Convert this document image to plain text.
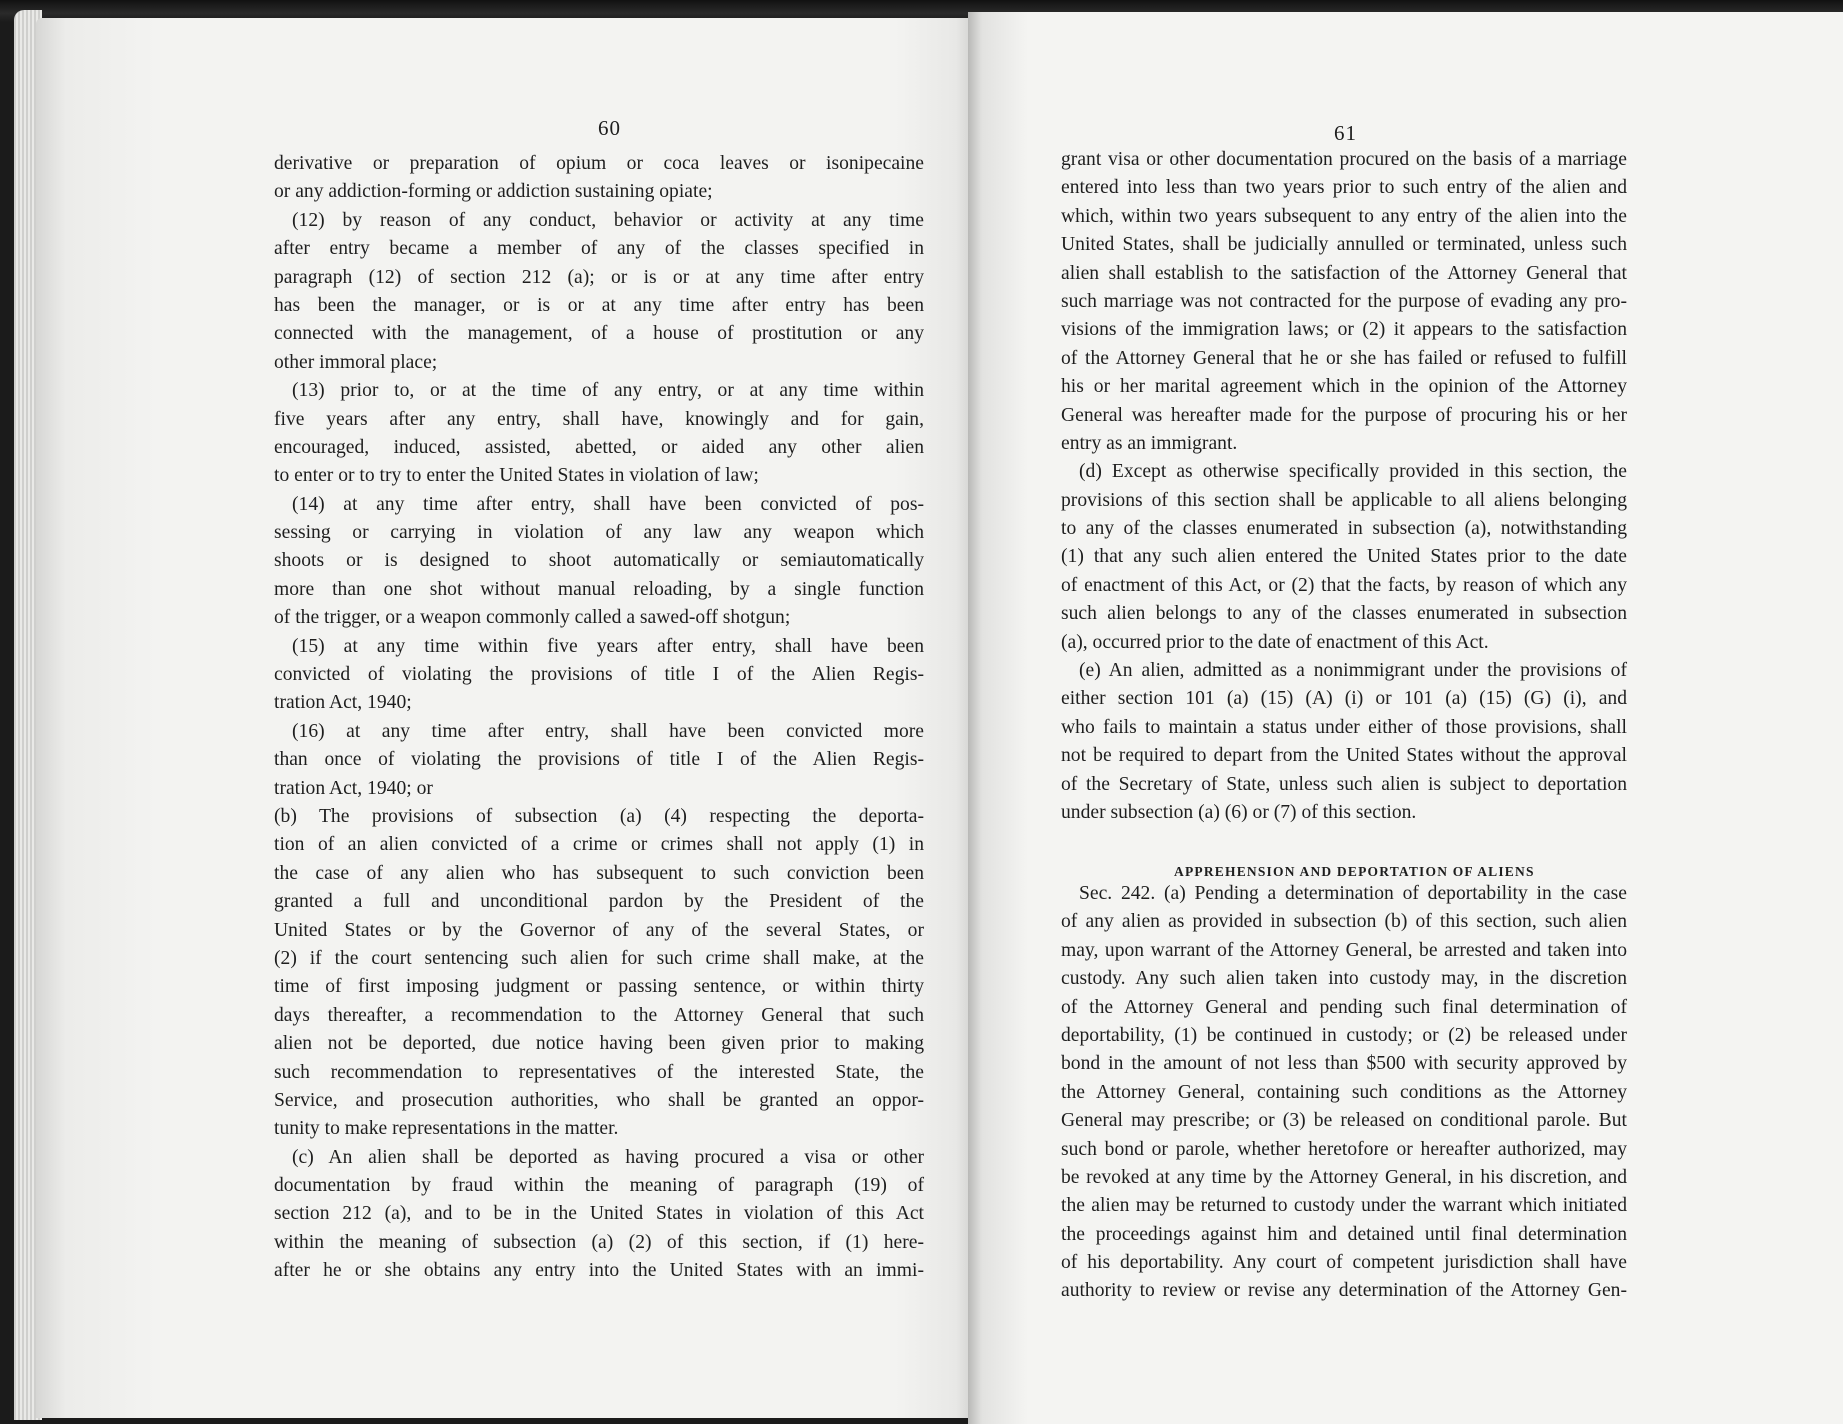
60
derivative or preparation of opium or coca leaves or isonipecaine
or any addiction-forming or addiction sustaining opiate;
(12) by reason of any conduct, behavior or activity at any time
after entry became a member of any of the classes specified in
paragraph (12) of section 212 (a); or is or at any time after entry
has been the manager, or is or at any time after entry has been
connected with the management, of a house of prostitution or any
other immoral place;
(13) prior to, or at the time of any entry, or at any time within
five years after any entry, shall have, knowingly and for gain,
encouraged, induced, assisted, abetted, or aided any other alien
to enter or to try to enter the United States in violation of law;
(14) at any time after entry, shall have been convicted of pos-
sessing or carrying in violation of any law any weapon which
shoots or is designed to shoot automatically or semiautomatically
more than one shot without manual reloading, by a single function
of the trigger, or a weapon commonly called a sawed-off shotgun;
(15) at any time within five years after entry, shall have been
convicted of violating the provisions of title I of the Alien Regis-
tration Act, 1940;
(16) at any time after entry, shall have been convicted more
than once of violating the provisions of title I of the Alien Regis-
tration Act, 1940; or
(b) The provisions of subsection (a) (4) respecting the deporta-
tion of an alien convicted of a crime or crimes shall not apply (1) in
the case of any alien who has subsequent to such conviction been
granted a full and unconditional pardon by the President of the
United States or by the Governor of any of the several States, or
(2) if the court sentencing such alien for such crime shall make, at the
time of first imposing judgment or passing sentence, or within thirty
days thereafter, a recommendation to the Attorney General that such
alien not be deported, due notice having been given prior to making
such recommendation to representatives of the interested State, the
Service, and prosecution authorities, who shall be granted an oppor-
tunity to make representations in the matter.
(c) An alien shall be deported as having procured a visa or other
documentation by fraud within the meaning of paragraph (19) of
section 212 (a), and to be in the United States in violation of this Act
within the meaning of subsection (a) (2) of this section, if (1) here-
after he or she obtains any entry into the United States with an immi-
61
grant visa or other documentation procured on the basis of a marriage
entered into less than two years prior to such entry of the alien and
which, within two years subsequent to any entry of the alien into the
United States, shall be judicially annulled or terminated, unless such
alien shall establish to the satisfaction of the Attorney General that
such marriage was not contracted for the purpose of evading any pro-
visions of the immigration laws; or (2) it appears to the satisfaction
of the Attorney General that he or she has failed or refused to fulfill
his or her marital agreement which in the opinion of the Attorney
General was hereafter made for the purpose of procuring his or her
entry as an immigrant.
(d) Except as otherwise specifically provided in this section, the
provisions of this section shall be applicable to all aliens belonging
to any of the classes enumerated in subsection (a), notwithstanding
(1) that any such alien entered the United States prior to the date
of enactment of this Act, or (2) that the facts, by reason of which any
such alien belongs to any of the classes enumerated in subsection
(a), occurred prior to the date of enactment of this Act.
(e) An alien, admitted as a nonimmigrant under the provisions of
either section 101 (a) (15) (A) (i) or 101 (a) (15) (G) (i), and
who fails to maintain a status under either of those provisions, shall
not be required to depart from the United States without the approval
of the Secretary of State, unless such alien is subject to deportation
under subsection (a) (6) or (7) of this section.
APPREHENSION AND DEPORTATION OF ALIENS
Sec. 242. (a) Pending a determination of deportability in the case
of any alien as provided in subsection (b) of this section, such alien
may, upon warrant of the Attorney General, be arrested and taken into
custody. Any such alien taken into custody may, in the discretion
of the Attorney General and pending such final determination of
deportability, (1) be continued in custody; or (2) be released under
bond in the amount of not less than $500 with security approved by
the Attorney General, containing such conditions as the Attorney
General may prescribe; or (3) be released on conditional parole. But
such bond or parole, whether heretofore or hereafter authorized, may
be revoked at any time by the Attorney General, in his discretion, and
the alien may be returned to custody under the warrant which initiated
the proceedings against him and detained until final determination
of his deportability. Any court of competent jurisdiction shall have
authority to review or revise any determination of the Attorney Gen-
